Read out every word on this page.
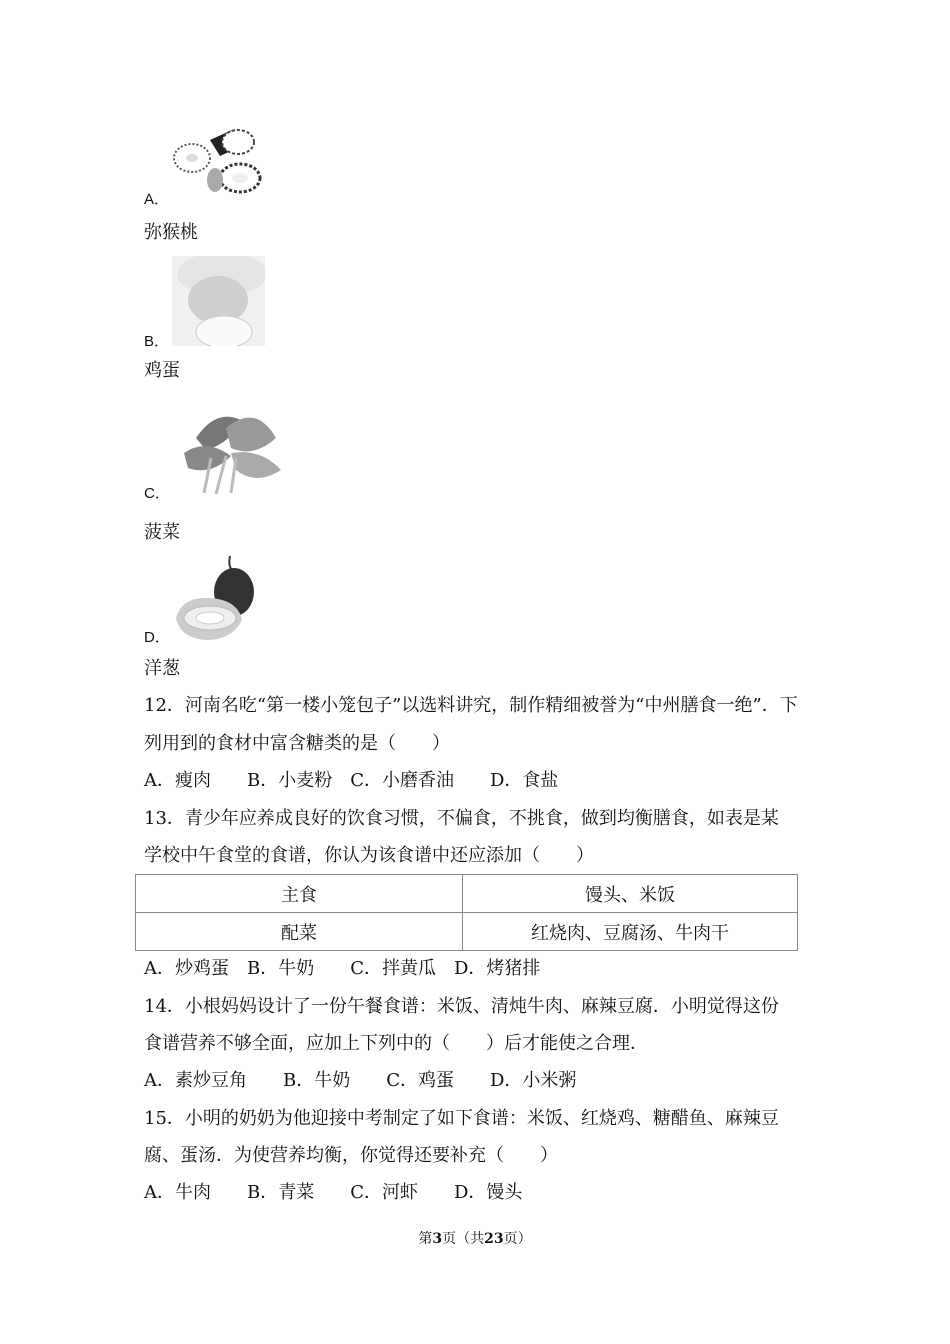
A．
弥猴桃
B．
鸡蛋
C．
菠菜
D．
洋葱
12．河南名吃“第一楼小笼包子”以选料讲究，制作精细被誉为“中州膳食一绝”．下
列用到的食材中富含糖类的是（　　）
A．瘦肉　　B．小麦粉　C．小磨香油　　D．食盐
13．青少年应养成良好的饮食习惯，不偏食，不挑食，做到均衡膳食，如表是某
学校中午食堂的食谱，你认为该食谱中还应添加（　　）
主食	馒头、米饭
配菜	红烧肉、豆腐汤、牛肉干
A．炒鸡蛋　B．牛奶　　C．拌黄瓜　D．烤猪排
14．小根妈妈设计了一份午餐食谱：米饭、清炖牛肉、麻辣豆腐．小明觉得这份
食谱营养不够全面，应加上下列中的（　　）后才能使之合理．
A．素炒豆角　　B．牛奶　　C．鸡蛋　　D．小米粥
15．小明的奶奶为他迎接中考制定了如下食谱：米饭、红烧鸡、糖醋鱼、麻辣豆
腐、蛋汤．为使营养均衡，你觉得还要补充（　　）
A．牛肉　　B．青菜　　C．河虾　　D．馒头
第3页（共23页）
